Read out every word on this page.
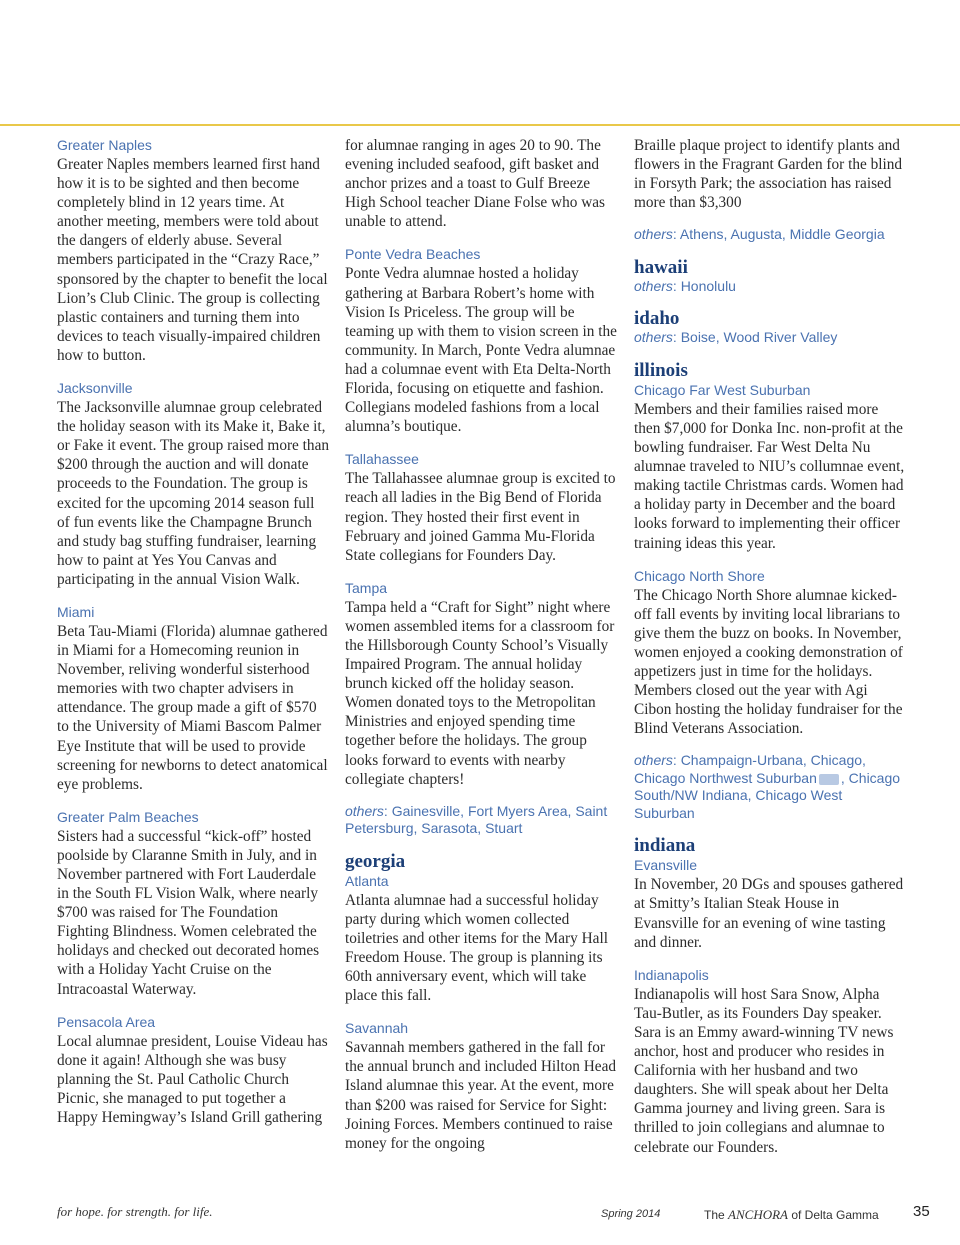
Greater Naples

Greater Naples members learned first hand how it is to be sighted and then become completely blind in 12 years time. At another meeting, members were told about the dangers of elderly abuse. Several members participated in the “Crazy Race,” sponsored by the chapter to benefit the local Lion’s Club Clinic. The group is collecting plastic containers and turning them into devices to teach visually-impaired children how to button.

Jacksonville

The Jacksonville alumnae group celebrated the holiday season with its Make it, Bake it, or Fake it event. The group raised more than $200 through the auction and will donate proceeds to the Foundation. The group is excited for the upcoming 2014 season full of fun events like the Champagne Brunch and study bag stuffing fundraiser, learning how to paint at Yes You Canvas and participating in the annual Vision Walk.

Miami

Beta Tau-Miami (Florida) alumnae gathered in Miami for a Homecoming reunion in November, reliving wonderful sisterhood memories with two chapter advisers in attendance. The group made a gift of $570 to the University of Miami Bascom Palmer Eye Institute that will be used to provide screening for newborns to detect anatomical eye problems.

Greater Palm Beaches

Sisters had a successful “kick-off” hosted poolside by Claranne Smith in July, and in November partnered with Fort Lauderdale in the South FL Vision Walk, where nearly $700 was raised for The Foundation Fighting Blindness. Women celebrated the holidays and checked out decorated homes with a Holiday Yacht Cruise on the Intracoastal Waterway.

Pensacola Area

Local alumnae president, Louise Videau has done it again! Although she was busy planning the St. Paul Catholic Church Picnic, she managed to put together a Happy Hemingway’s Island Grill gathering

for alumnae ranging in ages 20 to 90. The evening included seafood, gift basket and anchor prizes and a toast to Gulf Breeze High School teacher Diane Folse who was unable to attend.

Ponte Vedra Beaches

Ponte Vedra alumnae hosted a holiday gathering at Barbara Robert’s home with Vision Is Priceless. The group will be teaming up with them to vision screen in the community. In March, Ponte Vedra alumnae had a columnae event with Eta Delta-North Florida, focusing on etiquette and fashion. Collegians modeled fashions from a local alumna’s boutique.

Tallahassee

The Tallahassee alumnae group is excited to reach all ladies in the Big Bend of Florida region. They hosted their first event in February and joined Gamma Mu-Florida State collegians for Founders Day.

Tampa

Tampa held a “Craft for Sight” night where women assembled items for a classroom for the Hillsborough County School’s Visually Impaired Program. The annual holiday brunch kicked off the holiday season. Women donated toys to the Metropolitan Ministries and enjoyed spending time together before the holidays. The group looks forward to events with nearby collegiate chapters!

others: Gainesville, Fort Myers Area, Saint Petersburg, Sarasota, Stuart

georgia

Atlanta

Atlanta alumnae had a successful holiday party during which women collected toiletries and other items for the Mary Hall Freedom House. The group is planning its 60th anniversary event, which will take place this fall.

Savannah

Savannah members gathered in the fall for the annual brunch and included Hilton Head Island alumnae this year. At the event, more than $200 was raised for Service for Sight: Joining Forces. Members continued to raise money for the ongoing

Braille plaque project to identify plants and flowers in the Fragrant Garden for the blind in Forsyth Park; the association has raised more than $3,300

others: Athens, Augusta, Middle Georgia

hawaii

others: Honolulu

idaho

others: Boise, Wood River Valley

illinois

Chicago Far West Suburban

Members and their families raised more then $7,000 for Donka Inc. non-profit at the bowling fundraiser. Far West Delta Nu alumnae traveled to NIU’s collumnae event, making tactile Christmas cards. Women had a holiday party in December and the board looks forward to implementing their officer training ideas this year.

Chicago North Shore

The Chicago North Shore alumnae kicked-off fall events by inviting local librarians to give them the buzz on books. In November, women enjoyed a cooking demonstration of appetizers just in time for the holidays. Members closed out the year with Agi Cibon hosting the holiday fundraiser for the Blind Veterans Association.

others: Champaign-Urbana, Chicago, Chicago Northwest Suburban , Chicago South/NW Indiana, Chicago West Suburban

indiana

Evansville

In November, 20 DGs and spouses gathered at Smitty’s Italian Steak House in Evansville for an evening of wine tasting and dinner.

Indianapolis

Indianapolis will host Sara Snow, Alpha Tau-Butler, as its Founders Day speaker. Sara is an Emmy award-winning TV news anchor, host and producer who resides in California with her husband and two daughters. She will speak about her Delta Gamma journey and living green. Sara is thrilled to join collegians and alumnae to celebrate our Founders.

for hope. for strength. for life.	Spring 2014	The ANCHORA of Delta Gamma 35
